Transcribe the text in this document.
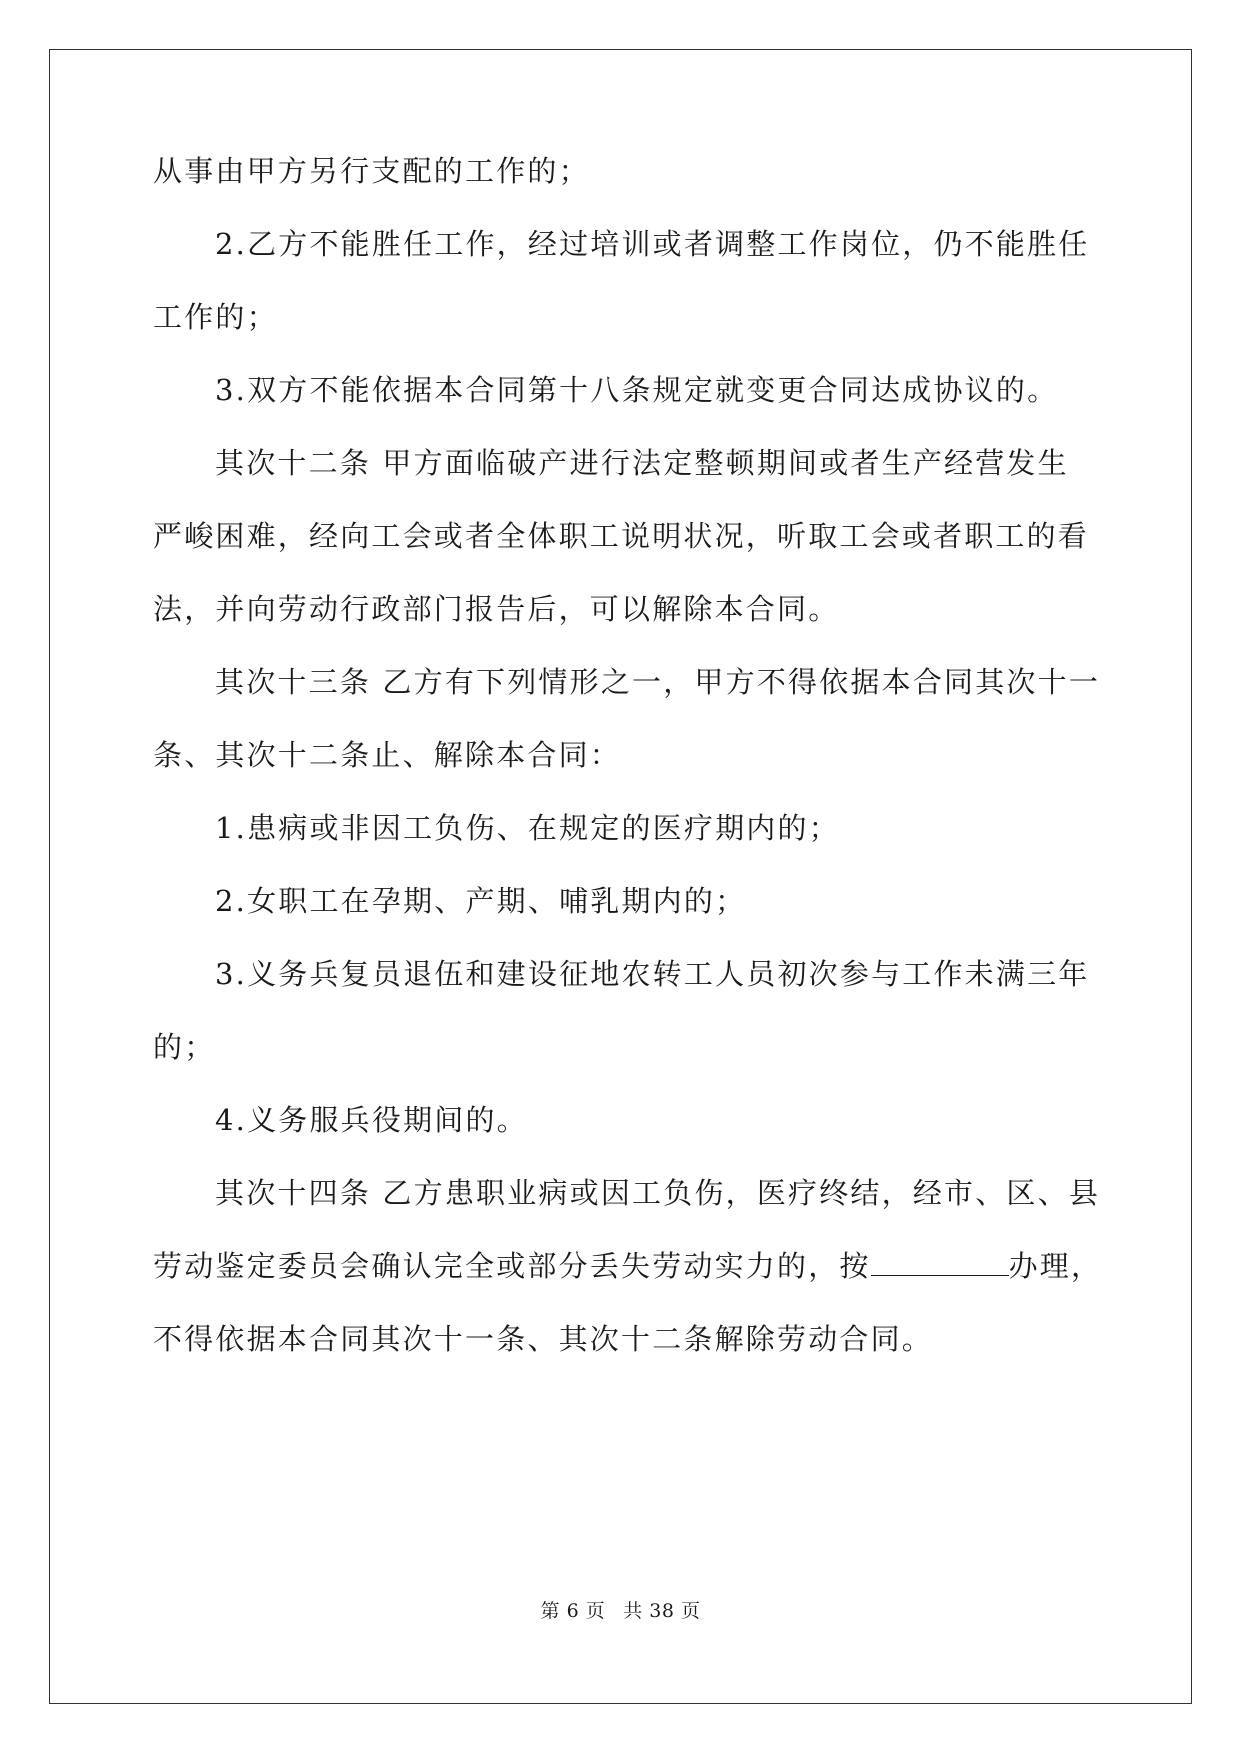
从事由甲方另行支配的工作的；
2.乙方不能胜任工作，经过培训或者调整工作岗位，仍不能胜任
工作的；
3.双方不能依据本合同第十八条规定就变更合同达成协议的。
其次十二条 甲方面临破产进行法定整顿期间或者生产经营发生
严峻困难，经向工会或者全体职工说明状况，听取工会或者职工的看
法，并向劳动行政部门报告后，可以解除本合同。
其次十三条 乙方有下列情形之一，甲方不得依据本合同其次十一
条、其次十二条止、解除本合同：
1.患病或非因工负伤、在规定的医疗期内的；
2.女职工在孕期、产期、哺乳期内的；
3.义务兵复员退伍和建设征地农转工人员初次参与工作未满三年
的；
4.义务服兵役期间的。
其次十四条 乙方患职业病或因工负伤，医疗终结，经市、区、县
劳动鉴定委员会确认完全或部分丢失劳动实力的，按	办理，
不得依据本合同其次十一条、其次十二条解除劳动合同。
第 6 页 共 38 页
